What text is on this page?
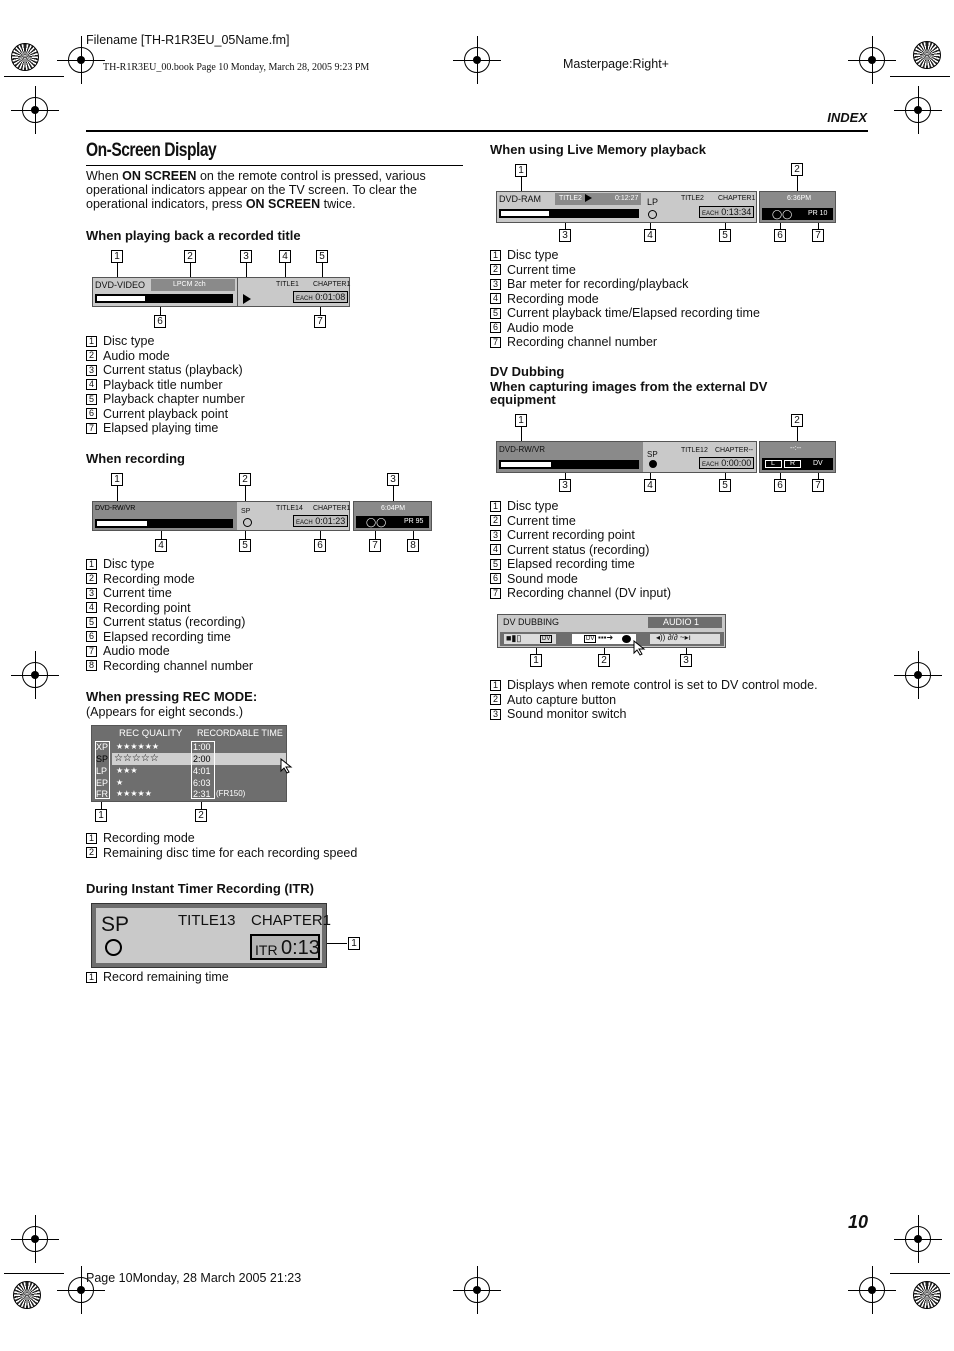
Filename [TH-R1R3EU_05Name.fm]
TH-R1R3EU_00.book Page 10 Monday, March 28, 2005 9:23 PM	Masterpage:Right+
INDEX
On-Screen Display
When ON SCREEN on the remote control is pressed, various operational indicators appear on the TV screen. To clear the operational indicators, press ON SCREEN twice.
When playing back a recorded title
1	2	3	4	5
DVD-VIDEO	LPCM 2ch	TITLE1 CHAPTER1
EACH 0:01:08
6	7
1 Disc type
2 Audio mode
3 Current status (playback)
4 Playback title number
5 Playback chapter number
6 Current playback point
7 Elapsed playing time
When recording
1	2	3
DVD-RW/VR	SP	TITLE14 CHAPTER1
EACH 0:01:23
6:04PM
◯◯	PR 95
4	5	6	7	8
1 Disc type
2 Recording mode
3 Current time
4 Recording point
5 Current status (recording)
6 Elapsed recording time
7 Audio mode
8 Recording channel number
When pressing REC MODE:
(Appears for eight seconds.)
REC QUALITY RECORDABLE TIME
XP ★★★★★★	1:00
SP ☆☆☆☆☆	2:00
LP ★★★	4:01
EP ★	6:03
FR ★★★★★	2:31 (FR150)
1	2
1 Recording mode
2 Remaining disc time for each recording speed
During Instant Timer Recording (ITR)
SP	TITLE13 CHAPTER1
ITR 0:13	1
1 Record remaining time
When using Live Memory playback
1	2
DVD-RAM	TITLE2	0:12:27 LP	TITLE2 CHAPTER1
EACH 0:13:34
6:36PM
◯◯ PR 10
3	4	5	6	7
1 Disc type
2 Current time
3 Bar meter for recording/playback
4 Recording mode
5 Current playback time/Elapsed recording time
6 Audio mode
7 Recording channel number
DV Dubbing
When capturing images from the external DV equipment
1	2
DVD-RW/VR
SP	TITLE12 CHAPTER--
EACH 0:00:00
--:--
L R	DV
3	4	5	6	7
1 Disc type
2 Current time
3 Current recording point
4 Current status (recording)
5 Elapsed recording time
6 Sound mode
7 Recording channel (DV input)
DV DUBBING	AUDIO 1
■▮▯	DV	DV ▪▪▪➜	◂)) ∂/∂ ~▸ı
1	2	3
1 Displays when remote control is set to DV control mode.
2 Auto capture button
3 Sound monitor switch
10
Page 10Monday, 28 March 2005 21:23
